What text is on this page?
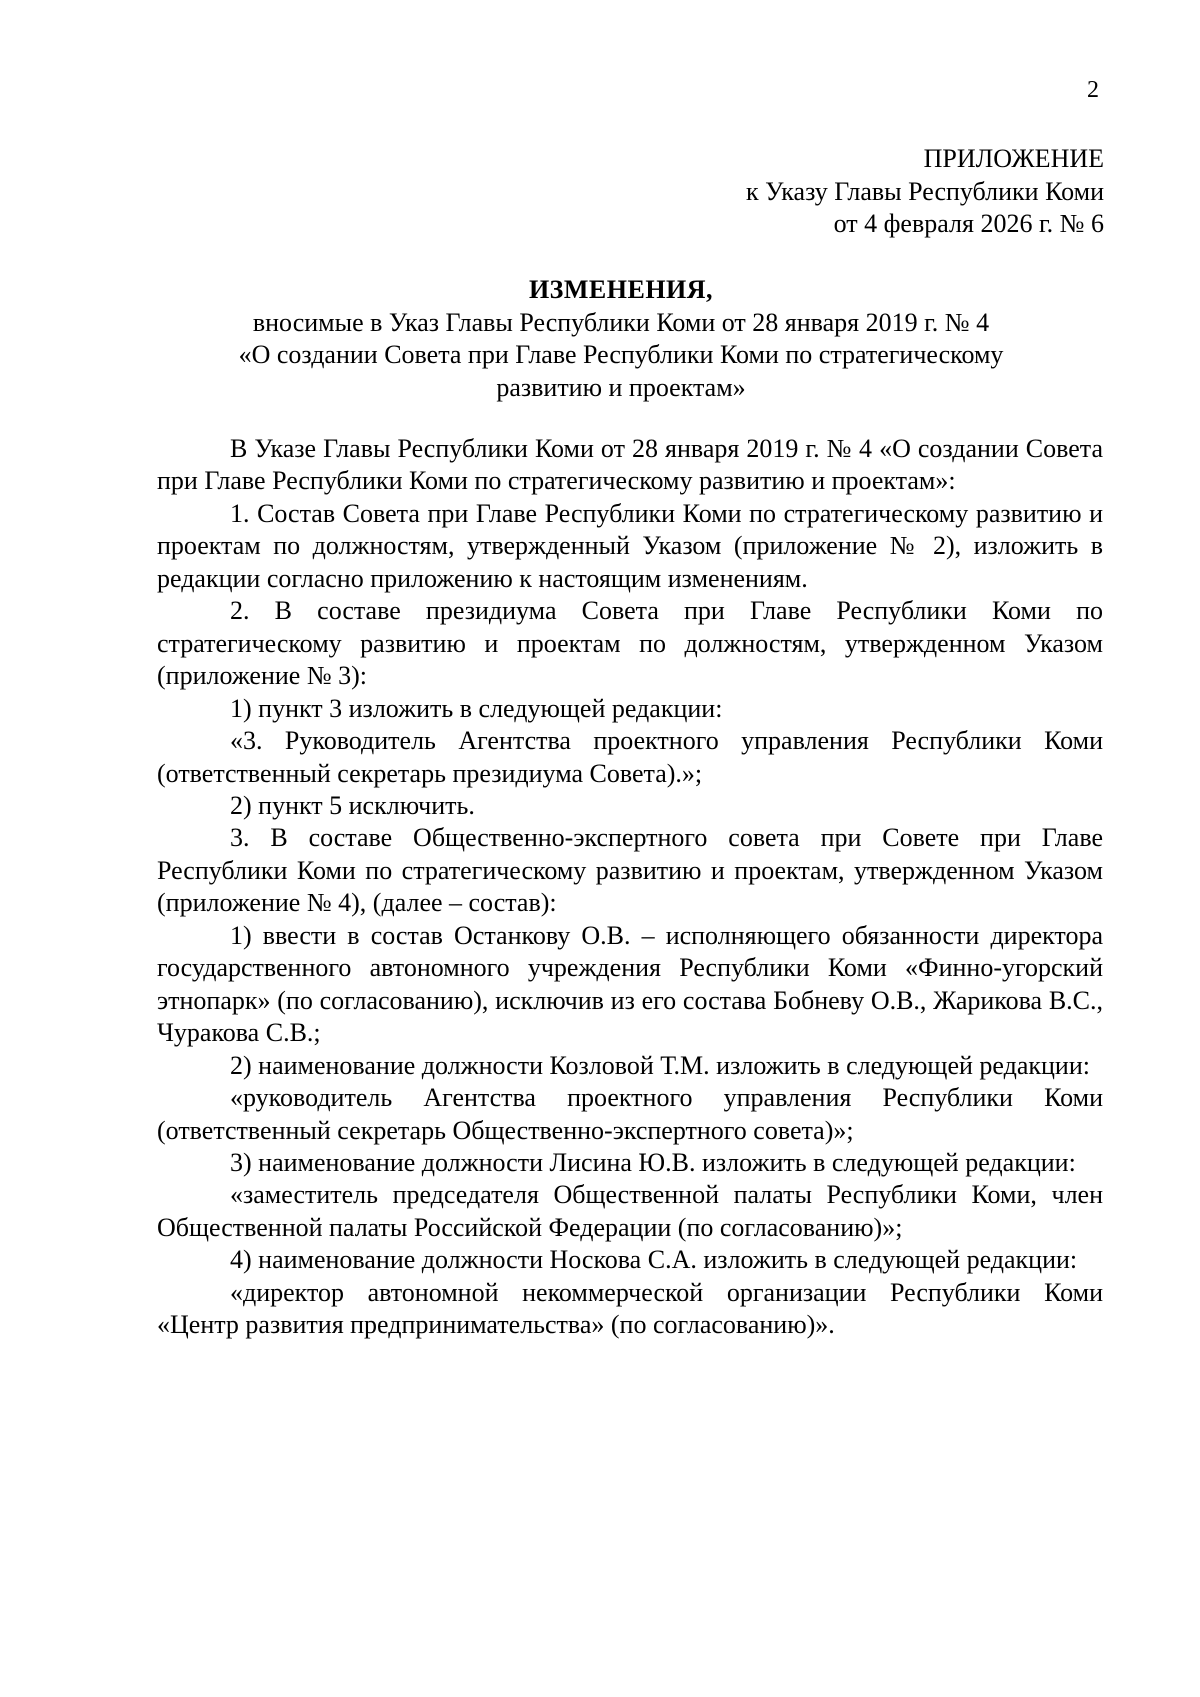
2
ПРИЛОЖЕНИЕ
к Указу Главы Республики Коми
от 4 февраля 2026 г. № 6
ИЗМЕНЕНИЯ,
вносимые в Указ Главы Республики Коми от 28 января 2019 г. № 4
«О создании Совета при Главе Республики Коми по стратегическому
развитию и проектам»

В Указе Главы Республики Коми от 28 января 2019 г. № 4 «О создании Совета при Главе Республики Коми по стратегическому развитию и проектам»:

1. Состав Совета при Главе Республики Коми по стратегическому развитию и проектам по должностям, утвержденный Указом (приложение № 2), изложить в редакции согласно приложению к настоящим изменениям.

2. В составе президиума Совета при Главе Республики Коми по стратегическому развитию и проектам по должностям, утвержденном Указом (приложение № 3):

1) пункт 3 изложить в следующей редакции:

«3. Руководитель Агентства проектного управления Республики Коми (ответственный секретарь президиума Совета).»;

2) пункт 5 исключить.

3. В составе Общественно-экспертного совета при Совете при Главе Республики Коми по стратегическому развитию и проектам, утвержденном Указом (приложение № 4), (далее – состав):

1) ввести в состав Останкову О.В. – исполняющего обязанности директора государственного автономного учреждения Республики Коми «Финно-угорский этнопарк» (по согласованию), исключив из его состава Бобневу О.В., Жарикова В.С., Чуракова С.В.;

2) наименование должности Козловой Т.М. изложить в следующей редакции:

«руководитель Агентства проектного управления Республики Коми (ответственный секретарь Общественно-экспертного совета)»;

3) наименование должности Лисина Ю.В. изложить в следующей редакции:

«заместитель председателя Общественной палаты Республики Коми, член Общественной палаты Российской Федерации (по согласованию)»;

4) наименование должности Носкова С.А. изложить в следующей редакции:

«директор автономной некоммерческой организации Республики Коми «Центр развития предпринимательства» (по согласованию)».
